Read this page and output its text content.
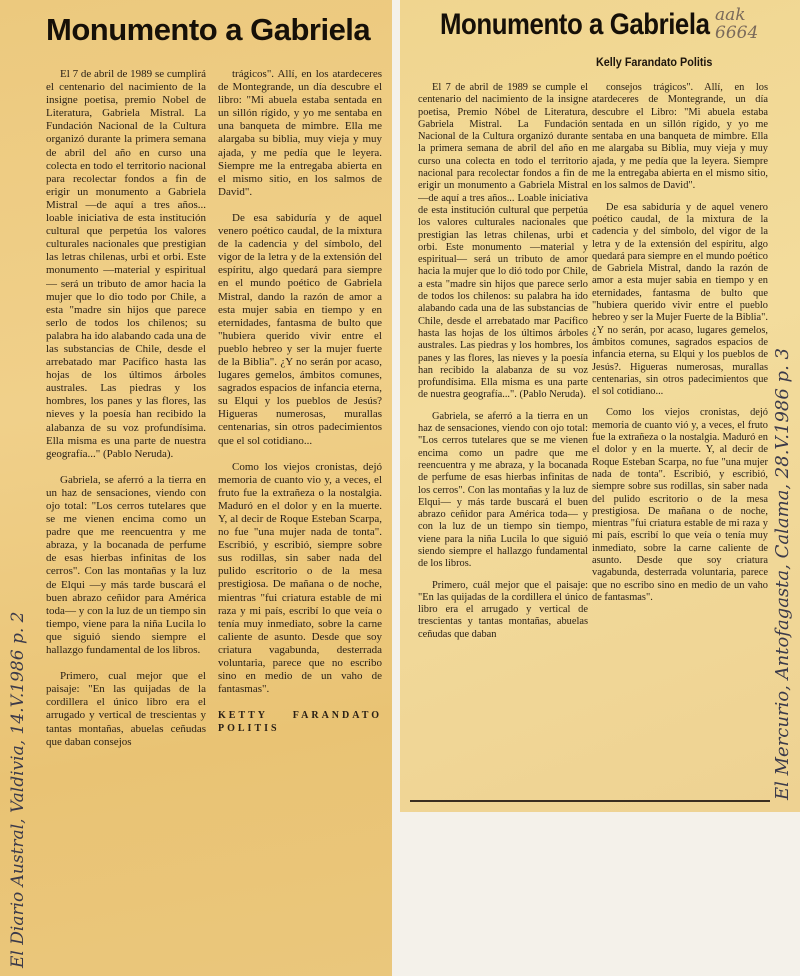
Monumento a Gabriela

El 7 de abril de 1989 se cumplirá el centenario del nacimiento de la insigne poetisa, premio Nobel de Literatura, Gabriela Mistral. La Fundación Nacional de la Cultura organizó durante la primera semana de abril del año en curso una colecta en todo el territorio nacional para recolectar fondos a fin de erigir un monumento a Gabriela Mistral —de aquí a tres años... loable iniciativa de esta institución cultural que perpetúa los valores culturales nacionales que prestigian las letras chilenas, urbi et orbi. Este monumento —material y espiritual— será un tributo de amor hacia la mujer que lo dio todo por Chile, a esta "madre sin hijos que parece serlo de todos los chilenos; su palabra ha ido alabando cada una de las substancias de Chile, desde el arrebatado mar Pacífico hasta las hojas de los últimos árboles australes. Las piedras y los hombres, los panes y las flores, las nieves y la poesía han recibido la alabanza de su voz profundísima. Ella misma es una parte de nuestra geografía..." (Pablo Neruda).

Gabriela, se aferró a la tierra en un haz de sensaciones, viendo con ojo total: "Los cerros tutelares que se me vienen encima como un padre que me reencuentra y me abraza, y la bocanada de perfume de esas hierbas infinitas de los cerros". Con las montañas y la luz de Elqui —y más tarde buscará el buen abrazo ceñidor para América toda— y con la luz de un tiempo sin tiempo, viene para la niña Lucila lo que siguió siendo siempre el hallazgo fundamental de los libros.

Primero, cual mejor que el paisaje: "En las quijadas de la cordillera el único libro era el arrugado y vertical de trescientas y tantas montañas, abuelas ceñudas que daban consejos

trágicos". Allí, en los atardeceres de Montegrande, un día descubre el libro: "Mi abuela estaba sentada en un sillón rígido, y yo me sentaba en una banqueta de mimbre. Ella me alargaba su biblia, muy vieja y muy ajada, y me pedía que le leyera. Siempre me la entregaba abierta en el mismo sitio, en los salmos de David".

De esa sabiduría y de aquel venero poético caudal, de la mixtura de la cadencia y del símbolo, del vigor de la letra y de la extensión del espíritu, algo quedará para siempre en el mundo poético de Gabriela Mistral, dando la razón de amor a esta mujer sabia en tiempo y en eternidades, fantasma de bulto que "hubiera querido vivir entre el pueblo hebreo y ser la mujer fuerte de la Biblia". ¿Y no serán por acaso, lugares gemelos, ámbitos comunes, sagrados espacios de infancia eterna, su Elqui y los pueblos de Jesús? Higueras numerosas, murallas centenarias, sin otros padecimientos que el sol cotidiano...

Como los viejos cronistas, dejó memoria de cuanto vio y, a veces, el fruto fue la extrañeza o la nostalgia. Maduró en el dolor y en la muerte. Y, al decir de Roque Esteban Scarpa, no fue "una mujer nada de tonta". Escribió, y escribió, siempre sobre sus rodillas, sin saber nada del pulido escritorio o de la mesa prestigiosa. De mañana o de noche, mientras "fui criatura estable de mi raza y mi país, escribí lo que veía o tenía muy inmediato, sobre la carne caliente de asunto. Desde que soy criatura vagabunda, desterrada voluntaria, parece que no escribo sino en medio de un vaho de fantasmas".

KETTY FARANDATO POLITIS
El Diario Austral, Valdivia, 14.V.1986 p. 2
Monumento a Gabriela aak
6664
Kelly Farandato Politis

El 7 de abril de 1989 se cumple el centenario del nacimiento de la insigne poetisa, Premio Nóbel de Literatura, Gabriela Mistral. La Fundación Nacional de la Cultura organizó durante la primera semana de abril del año en curso una colecta en todo el territorio nacional para recolectar fondos a fin de erigir un monumento a Gabriela Mistral —de aquí a tres años... Loable iniciativa de esta institución cultural que perpetúa los valores culturales nacionales que prestigian las letras chilenas, urbi et orbi. Este monumento —material y espiritual— será un tributo de amor hacia la mujer que lo dió todo por Chile, a esta "madre sin hijos que parece serlo de todos los chilenos: su palabra ha ido alabando cada una de las substancias de Chile, desde el arrebatado mar Pacífico hasta las hojas de los últimos árboles australes. Las piedras y los hombres, los panes y las flores, las nieves y la poesía han recibido la alabanza de su voz profundísima. Ella misma es una parte de nuestra geografía...". (Pablo Neruda).

Gabriela, se aferró a la tierra en un haz de sensaciones, viendo con ojo total: "Los cerros tutelares que se me vienen encima como un padre que me reencuentra y me abraza, y la bocanada de perfume de esas hierbas infinitas de los cerros". Con las montañas y la luz de Elqui— y más tarde buscará el buen abrazo ceñidor para América toda— y con la luz de un tiempo sin tiempo, viene para la niña Lucila lo que siguió siendo siempre el hallazgo fundamental de los libros.

Primero, cuál mejor que el paisaje: "En las quijadas de la cordillera el único libro era el arrugado y vertical de trescientas y tantas montañas, abuelas ceñudas que daban

consejos trágicos". Allí, en los atardeceres de Montegrande, un día descubre el Libro: "Mi abuela estaba sentada en un sillón rígido, y yo me sentaba en una banqueta de mimbre. Ella me alargaba su Biblia, muy vieja y muy ajada, y me pedía que la leyera. Siempre me la entregaba abierta en el mismo sitio, en los salmos de David".

De esa sabiduría y de aquel venero poético caudal, de la mixtura de la cadencia y del símbolo, del vigor de la letra y de la extensión del espíritu, algo quedará para siempre en el mundo poético de Gabriela Mistral, dando la razón de amor a esta mujer sabia en tiempo y en eternidades, fantasma de bulto que "hubiera querido vivir entre el pueblo hebreo y ser la Mujer Fuerte de la Biblia". ¿Y no serán, por acaso, lugares gemelos, ámbitos comunes, sagrados espacios de infancia eterna, su Elqui y los pueblos de Jesús?. Higueras numerosas, murallas centenarias, sin otros padecimientos que el sol cotidiano...

Como los viejos cronistas, dejó memoria de cuanto vió y, a veces, el fruto fue la extrañeza o la nostalgia. Maduró en el dolor y en la muerte. Y, al decir de Roque Esteban Scarpa, no fue "una mujer nada de tonta". Escribió, y escribió, siempre sobre sus rodillas, sin saber nada del pulido escritorio o de la mesa prestigiosa. De mañana o de noche, mientras "fui criatura estable de mi raza y mi país, escribí lo que veía o tenía muy inmediato, sobre la carne caliente de asunto. Desde que soy criatura vagabunda, desterrada voluntaria, parece que no escribo sino en medio de un vaho de fantasmas".	El Mercurio, Antofagasta, Calama, 28.V.1986 p. 3
